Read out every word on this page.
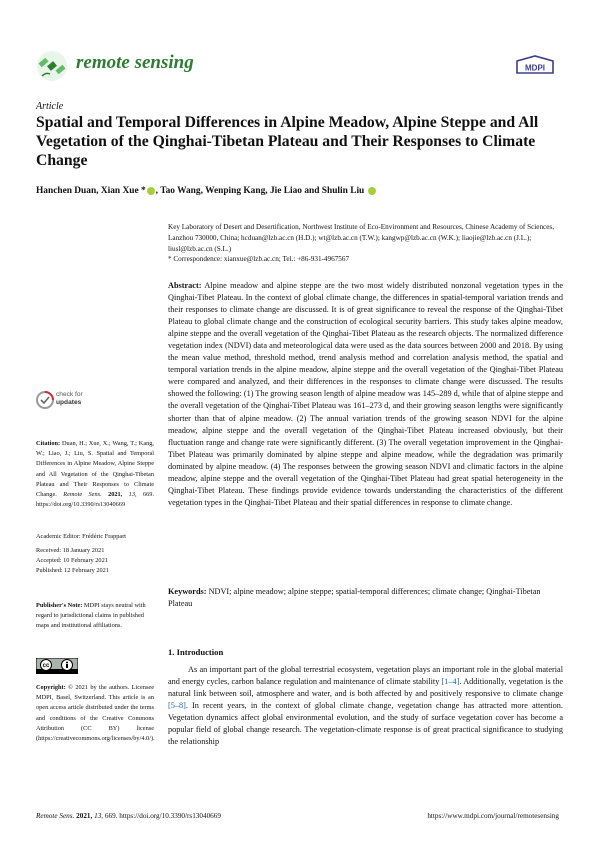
remote sensing	MDPI
Article
Spatial and Temporal Differences in Alpine Meadow, Alpine Steppe and All Vegetation of the Qinghai-Tibetan Plateau and Their Responses to Climate Change
Hanchen Duan, Xian Xue * , Tao Wang, Wenping Kang, Jie Liao and Shulin Liu

Key Laboratory of Desert and Desertification, Northwest Institute of Eco-Environment and Resources, Chinese Academy of Sciences, Lanzhou 730000, China; hcduan@lzb.ac.cn (H.D.); wt@lzb.ac.cn (T.W.); kangwp@lzb.ac.cn (W.K.); liaojie@lzb.ac.cn (J.L.); liusl@lzb.ac.cn (S.L.)

* Correspondence: xianxue@lzb.ac.cn; Tel.: +86-931-4967567

Abstract: Alpine meadow and alpine steppe are the two most widely distributed nonzonal vegetation types in the Qinghai-Tibet Plateau. In the context of global climate change, the differences in spatial-temporal variation trends and their responses to climate change are discussed. It is of great significance to reveal the response of the Qinghai-Tibet Plateau to global climate change and the construction of ecological security barriers. This study takes alpine meadow, alpine steppe and the overall vegetation of the Qinghai-Tibet Plateau as the research objects. The normalized difference vegetation index (NDVI) data and meteorological data were used as the data sources between 2000 and 2018. By using the mean value method, threshold method, trend analysis method and correlation analysis method, the spatial and temporal variation trends in the alpine meadow, alpine steppe and the overall vegetation of the Qinghai-Tibet Plateau were compared and analyzed, and their differences in the responses to climate change were discussed. The results showed the following: (1) The growing season length of alpine meadow was 145–289 d, while that of alpine steppe and the overall vegetation of the Qinghai-Tibet Plateau was 161–273 d, and their growing season lengths were significantly shorter than that of alpine meadow. (2) The annual variation trends of the growing season NDVI for the alpine meadow, alpine steppe and the overall vegetation of the Qinghai-Tibet Plateau increased obviously, but their fluctuation range and change rate were significantly different. (3) The overall vegetation improvement in the Qinghai-Tibet Plateau was primarily dominated by alpine steppe and alpine meadow, while the degradation was primarily dominated by alpine meadow. (4) The responses between the growing season NDVI and climatic factors in the alpine meadow, alpine steppe and the overall vegetation of the Qinghai-Tibet Plateau had great spatial heterogeneity in the Qinghai-Tibet Plateau. These findings provide evidence towards understanding the characteristics of the different vegetation types in the Qinghai-Tibet Plateau and their spatial differences in response to climate change.

Keywords: NDVI; alpine meadow; alpine steppe; spatial-temporal differences; climate change; Qinghai-Tibetan Plateau

check for
updates

Citation: Duan, H.; Xue, X.; Wang, T.; Kang, W.; Liao, J.; Liu, S. Spatial and Temporal Differences in Alpine Meadow, Alpine Steppe and All Vegetation of the Qinghai-Tibetan Plateau and Their Responses to Climate Change. Remote Sens. 2021, 13, 669. https://doi.org/10.3390/rs13040669

Academic Editor: Frédéric Frappart

Received: 18 January 2021
Accepted: 10 February 2021
Published: 12 February 2021

Publisher's Note: MDPI stays neutral with regard to jurisdictional claims in published maps and institutional affiliations.

cc

Copyright: © 2021 by the authors. Licensee MDPI, Basel, Switzerland. This article is an open access article distributed under the terms and conditions of the Creative Commons Attribution (CC BY) license (https://creativecommons.org/licenses/by/4.0/).

1. Introduction

As an important part of the global terrestrial ecosystem, vegetation plays an important role in the global material and energy cycles, carbon balance regulation and maintenance of climate stability [1–4]. Additionally, vegetation is the natural link between soil, atmosphere and water, and is both affected by and positively responsive to climate change [5–8]. In recent years, in the context of global climate change, vegetation change has attracted more attention. Vegetation dynamics affect global environmental evolution, and the study of surface vegetation cover has become a popular field of global change research. The vegetation-climate response is of great practical significance to studying the relationship

Remote Sens. 2021, 13, 669. https://doi.org/10.3390/rs13040669	https://www.mdpi.com/journal/remotesensing
